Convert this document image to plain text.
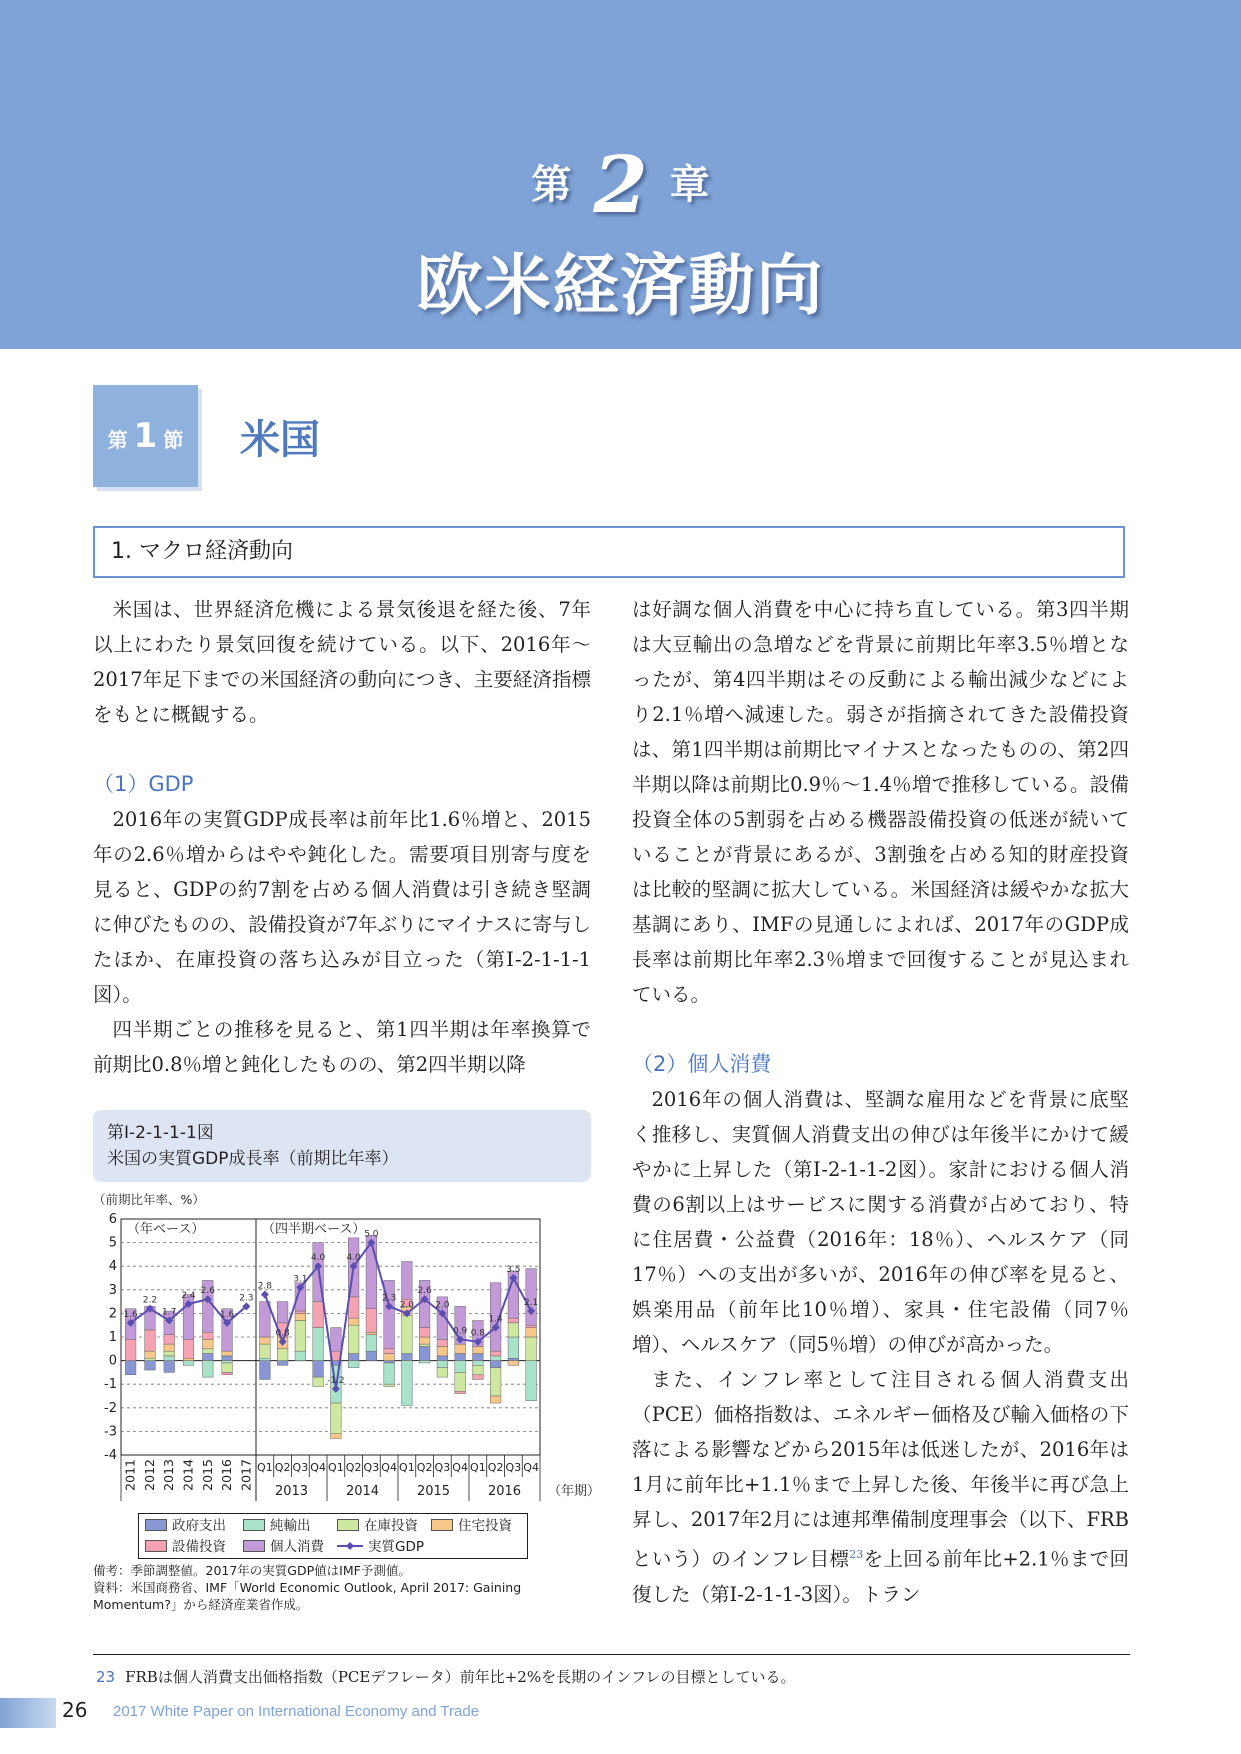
第 2 章
欧米経済動向
第 1 節	米国
1. マクロ経済動向

米国は、世界経済危機による景気後退を経た後、7年以上にわたり景気回復を続けている。以下、2016年〜2017年足下までの米国経済の動向につき、主要経済指標をもとに概観する。

（1）GDP

2016年の実質GDP成長率は前年比1.6％増と、2015年の2.6％増からはやや鈍化した。需要項目別寄与度を見ると、GDPの約7割を占める個人消費は引き続き堅調に伸びたものの、設備投資が7年ぶりにマイナスに寄与したほか、在庫投資の落ち込みが目立った（第Ⅰ-2-1-1-1図）。

四半期ごとの推移を見ると、第1四半期は年率換算で前期比0.8％増と鈍化したものの、第2四半期以降

は好調な個人消費を中心に持ち直している。第3四半期は大豆輸出の急増などを背景に前期比年率3.5％増となったが、第4四半期はその反動による輸出減少などにより2.1％増へ減速した。弱さが指摘されてきた設備投資は、第1四半期は前期比マイナスとなったものの、第2四半期以降は前期比0.9％〜1.4％増で推移している。設備投資全体の5割弱を占める機器設備投資の低迷が続いていることが背景にあるが、3割強を占める知的財産投資は比較的堅調に拡大している。米国経済は緩やかな拡大基調にあり、IMFの見通しによれば、2017年のGDP成長率は前期比年率2.3％増まで回復することが見込まれている。

（2）個人消費

2016年の個人消費は、堅調な雇用などを背景に底堅く推移し、実質個人消費支出の伸びは年後半にかけて緩やかに上昇した（第Ⅰ-2-1-1-2図）。家計における個人消費の6割以上はサービスに関する消費が占めており、特に住居費・公益費（2016年：18％）、ヘルスケア（同17％）への支出が多いが、2016年の伸び率を見ると、娯楽用品（前年比10％増）、家具・住宅設備（同7％増）、ヘルスケア（同5％増）の伸びが高かった。

また、インフレ率として注目される個人消費支出（PCE）価格指数は、エネルギー価格及び輸入価格の下落による影響などから2015年は低迷したが、2016年は1月に前年比+1.1％まで上昇した後、年後半に再び急上昇し、2017年2月には連邦準備制度理事会（以下、FRBという）のインフレ目標$^{23}$を上回る前年比+2.1％まで回復した（第Ⅰ-2-1-1-3図）。トラン

第Ⅰ-2-1-1-1図
米国の実質GDP成長率（前期比年率）
（前期比年率、%）
6
5
4
3
2
1
0
-1
-2
-3
-4
（年ベース）	（四半期ベース）
1.6
2.2
1.7
2.4 2.6
1.6
2.3
2.8
0.8
3.1
4.0
-1.2
4.0
5.0
2.3
2.0
2.6
2.0
0.9 0.8
1.4
3.5
2.1
2011 2012 2013 2014 2015 2016 2017 Q1 Q2 Q3 Q4 Q1 Q2 Q3 Q4 Q1 Q2 Q3 Q4 Q1 Q2 Q3 Q4
2013	2014	2015	2016 （年期）
政府支出	純輸出	在庫投資	住宅投資
設備投資	個人消費	実質GDP
備考：季節調整値。2017年の実質GDP値はIMF予測値。
資料：米国商務省、IMF「World Economic Outlook, April 2017: Gaining Momentum?」から経済産業省作成。
23 FRBは個人消費支出価格指数（PCEデフレータ）前年比+2%を長期のインフレの目標としている。
26 2017 White Paper on International Economy and Trade
